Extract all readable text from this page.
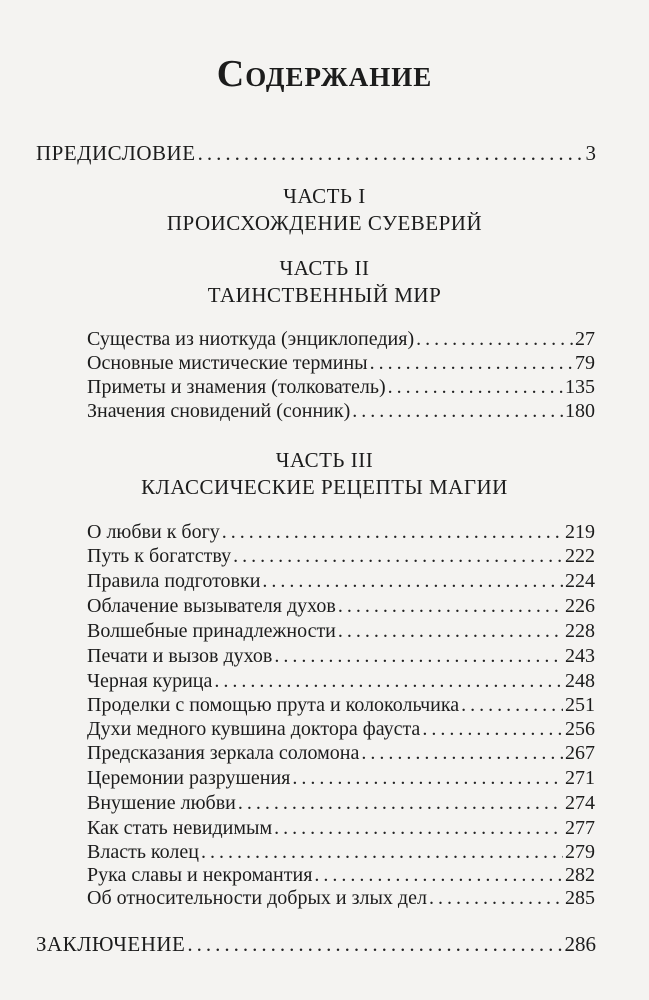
Содержание
ПРЕДИСЛОВИЕ .....	3
ЧАСТЬ I
ПРОИСХОЖДЕНИЕ СУЕВЕРИЙ
ЧАСТЬ II
ТАИНСТВЕННЫЙ МИР
Существа из ниоткуда (энциклопедия) .....	27
Основные мистические термины .....	79
Приметы и знамения (толкователь) .....	135
Значения сновидений (сонник) .....	180
ЧАСТЬ III
КЛАССИЧЕСКИЕ РЕЦЕПТЫ МАГИИ
О любви к богу .....	219
Путь к богатству .....	222
Правила подготовки .....	224
Облачение вызывателя духов .....	226
Волшебные принадлежности .....	228
Печати и вызов духов .....	243
Черная курица .....	248
Проделки с помощью прута и колокольчика .....	251
Духи медного кувшина доктора фауста .....	256
Предсказания зеркала соломона .....	267
Церемонии разрушения .....	271
Внушение любви .....	274
Как стать невидимым .....	277
Власть колец .....	279
Рука славы и некромантия .....	282
Об относительности добрых и злых дел .....	285
ЗАКЛЮЧЕНИЕ .....	286
